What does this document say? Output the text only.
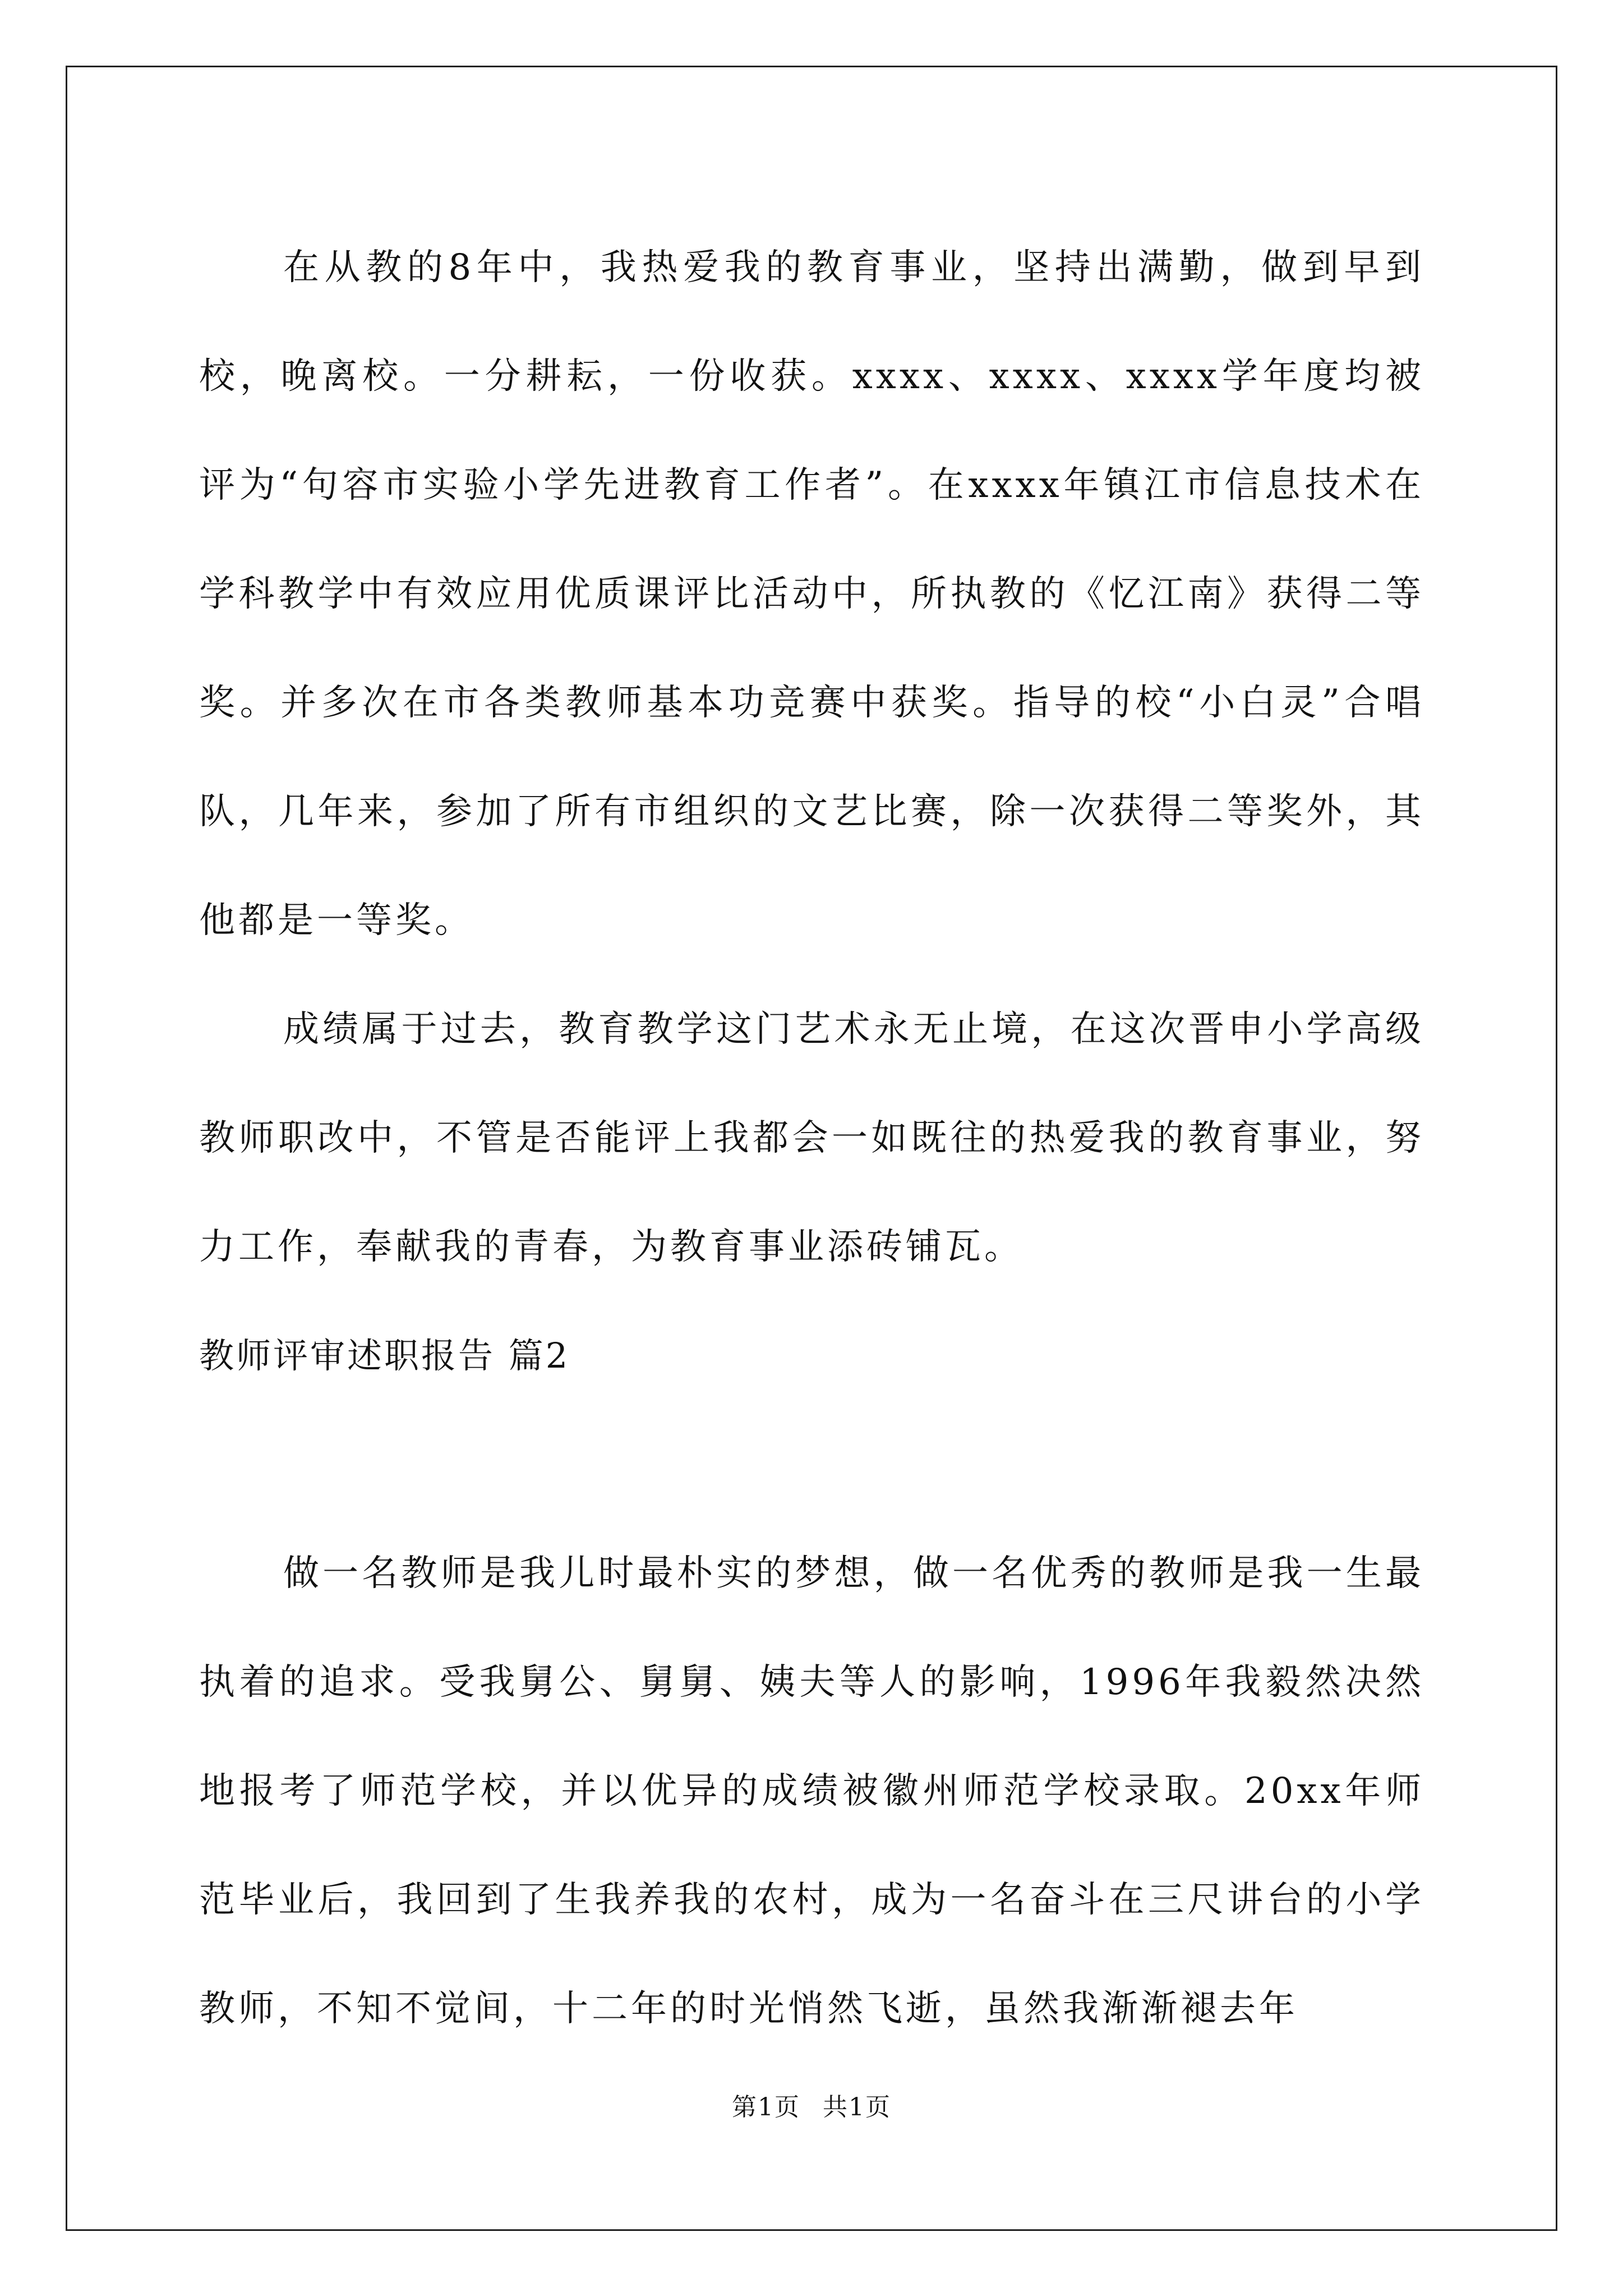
在从教的8年中，我热爱我的教育事业，坚持出满勤，做到早到校，晚离校。一分耕耘，一份收获。xxxx、xxxx、xxxx学年度均被评为“句容市实验小学先进教育工作者”。在xxxx年镇江市信息技术在学科教学中有效应用优质课评比活动中，所执教的《忆江南》获得二等奖。并多次在市各类教师基本功竞赛中获奖。指导的校“小白灵”合唱队，几年来，参加了所有市组织的文艺比赛，除一次获得二等奖外，其他都是一等奖。

成绩属于过去，教育教学这门艺术永无止境，在这次晋申小学高级教师职改中，不管是否能评上我都会一如既往的热爱我的教育事业，努力工作，奉献我的青春，为教育事业添砖铺瓦。

教师评审述职报告 篇2

做一名教师是我儿时最朴实的梦想，做一名优秀的教师是我一生最执着的追求。受我舅公、舅舅、姨夫等人的影响，1996年我毅然决然地报考了师范学校，并以优异的成绩被徽州师范学校录取。20xx年师范毕业后，我回到了生我养我的农村，成为一名奋斗在三尺讲台的小学教师，不知不觉间，十二年的时光悄然飞逝，虽然我渐渐褪去年

第1页 共1页
